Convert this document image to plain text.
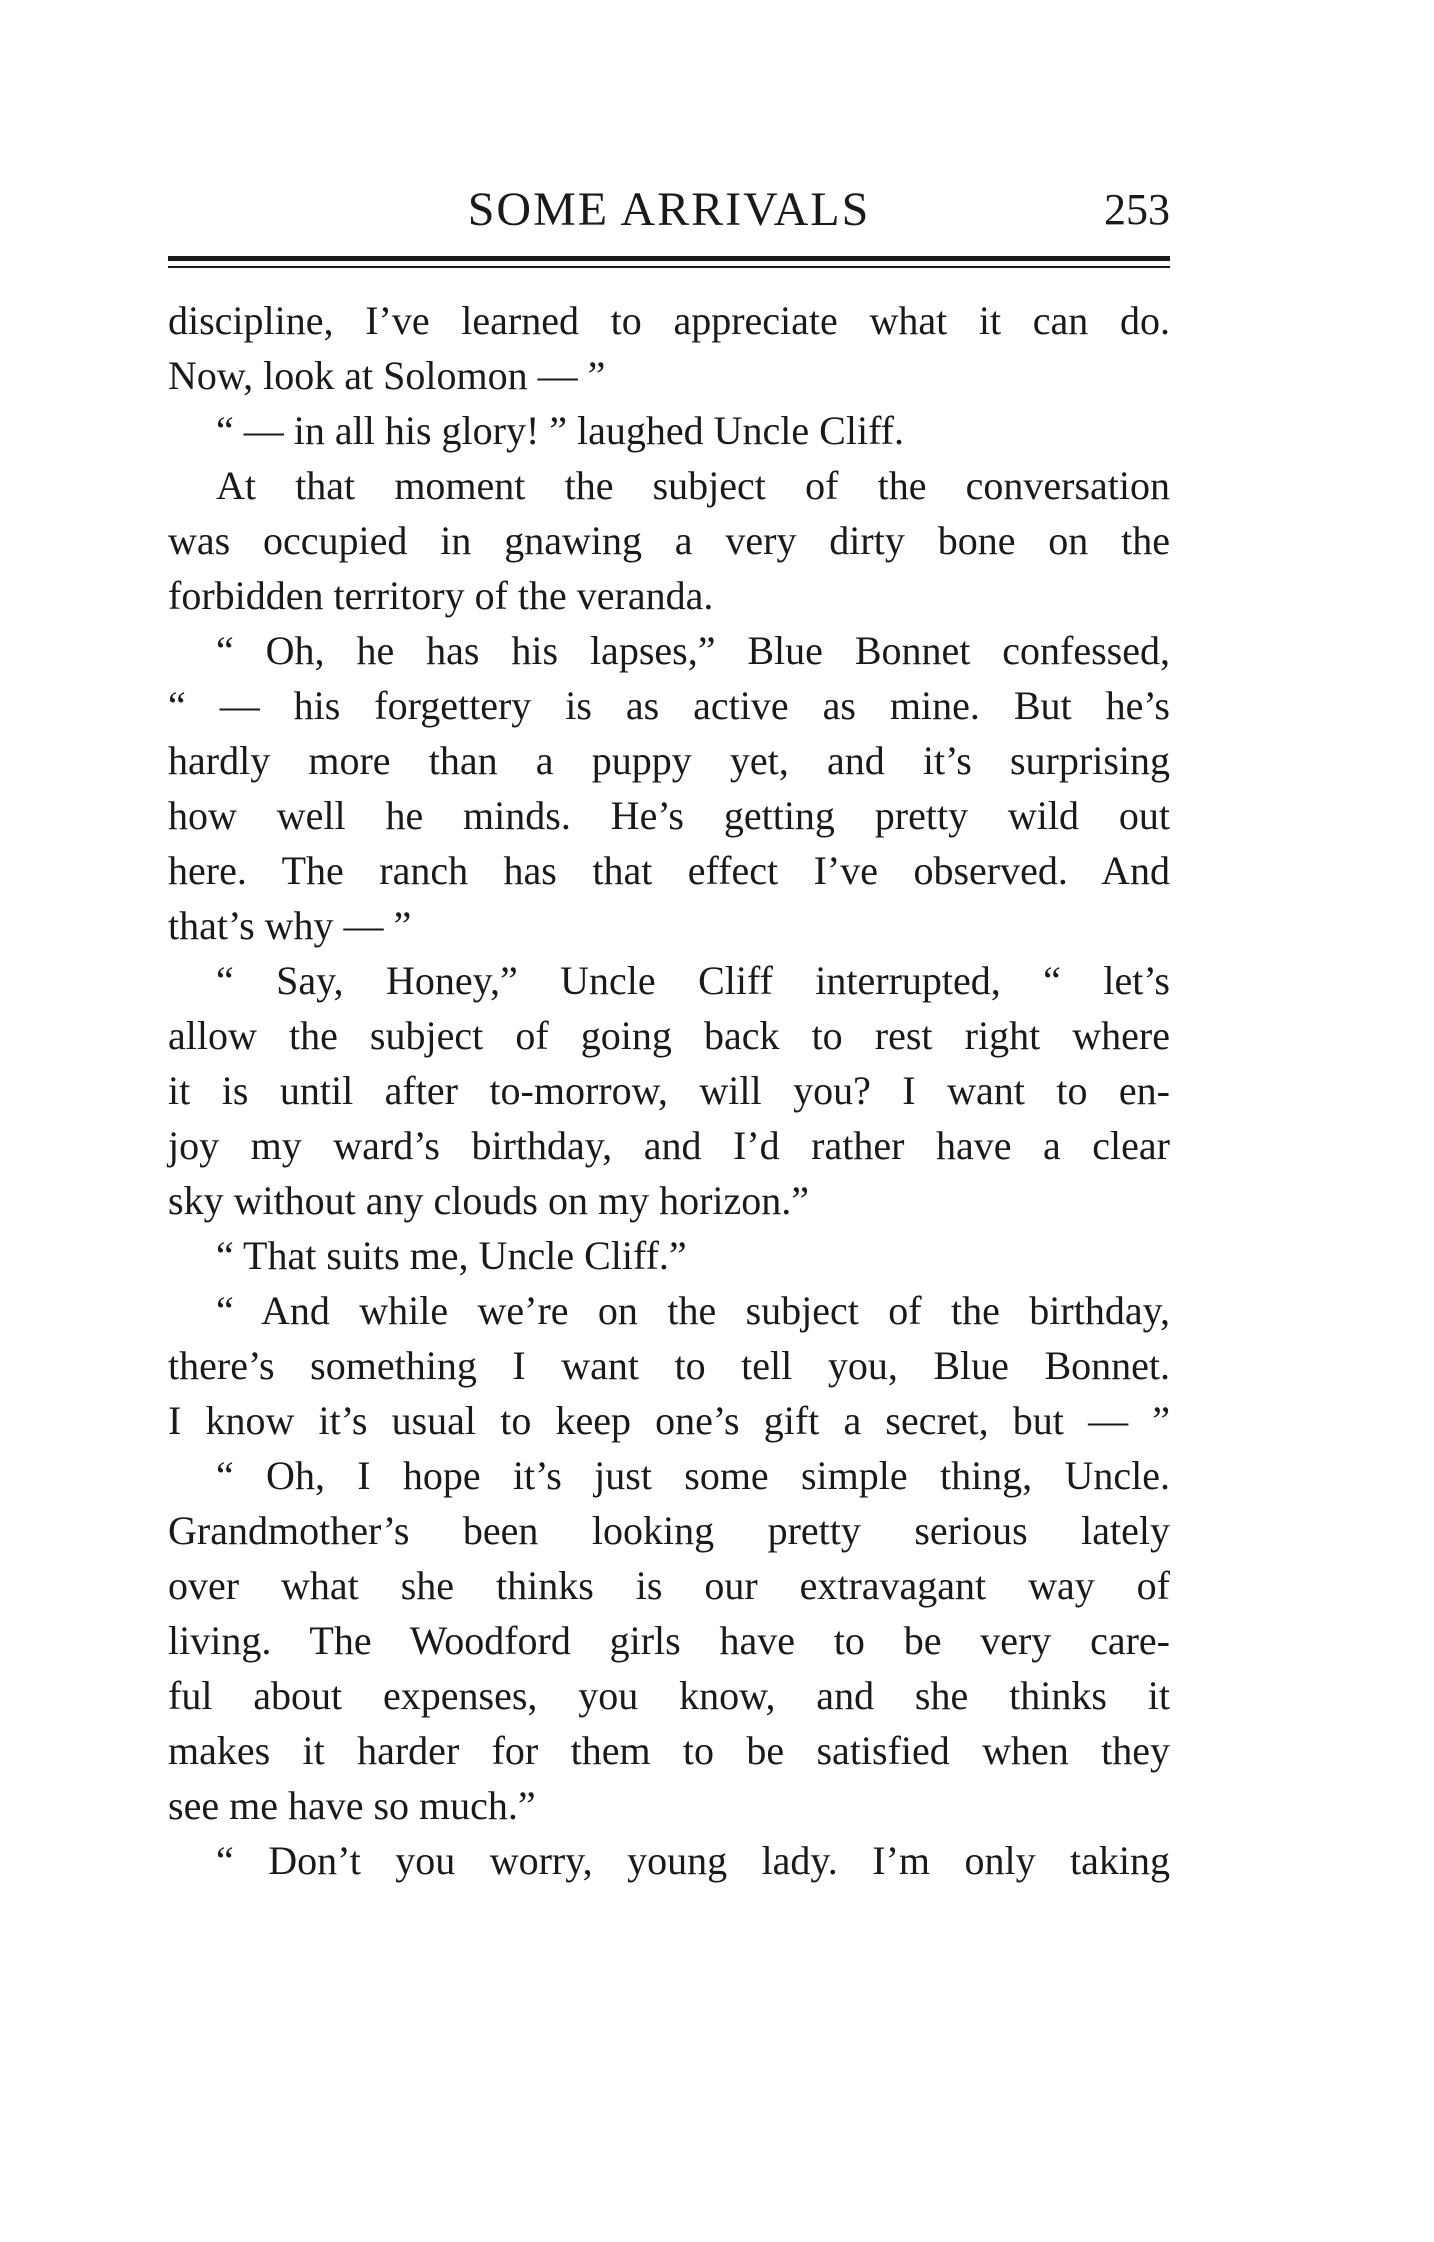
SOME ARRIVALS	253
discipline, I’ve learned to appreciate what it can do.
Now, look at Solomon — ”
“ — in all his glory! ” laughed Uncle Cliff.
At that moment the subject of the conversation
was occupied in gnawing a very dirty bone on the
forbidden territory of the veranda.
“ Oh, he has his lapses,” Blue Bonnet confessed,
“ — his forgettery is as active as mine. But he’s
hardly more than a puppy yet, and it’s surprising
how well he minds. He’s getting pretty wild out
here. The ranch has that effect I’ve observed. And
that’s why — ”
“ Say, Honey,” Uncle Cliff interrupted, “ let’s
allow the subject of going back to rest right where
it is until after to-morrow, will you? I want to en-
joy my ward’s birthday, and I’d rather have a clear
sky without any clouds on my horizon.”
“ That suits me, Uncle Cliff.”
“ And while we’re on the subject of the birthday,
there’s something I want to tell you, Blue Bonnet.
I know it’s usual to keep one’s gift a secret, but — ”
“ Oh, I hope it’s just some simple thing, Uncle.
Grandmother’s been looking pretty serious lately
over what she thinks is our extravagant way of
living. The Woodford girls have to be very care-
ful about expenses, you know, and she thinks it
makes it harder for them to be satisfied when they
see me have so much.”
“ Don’t you worry, young lady. I’m only taking
